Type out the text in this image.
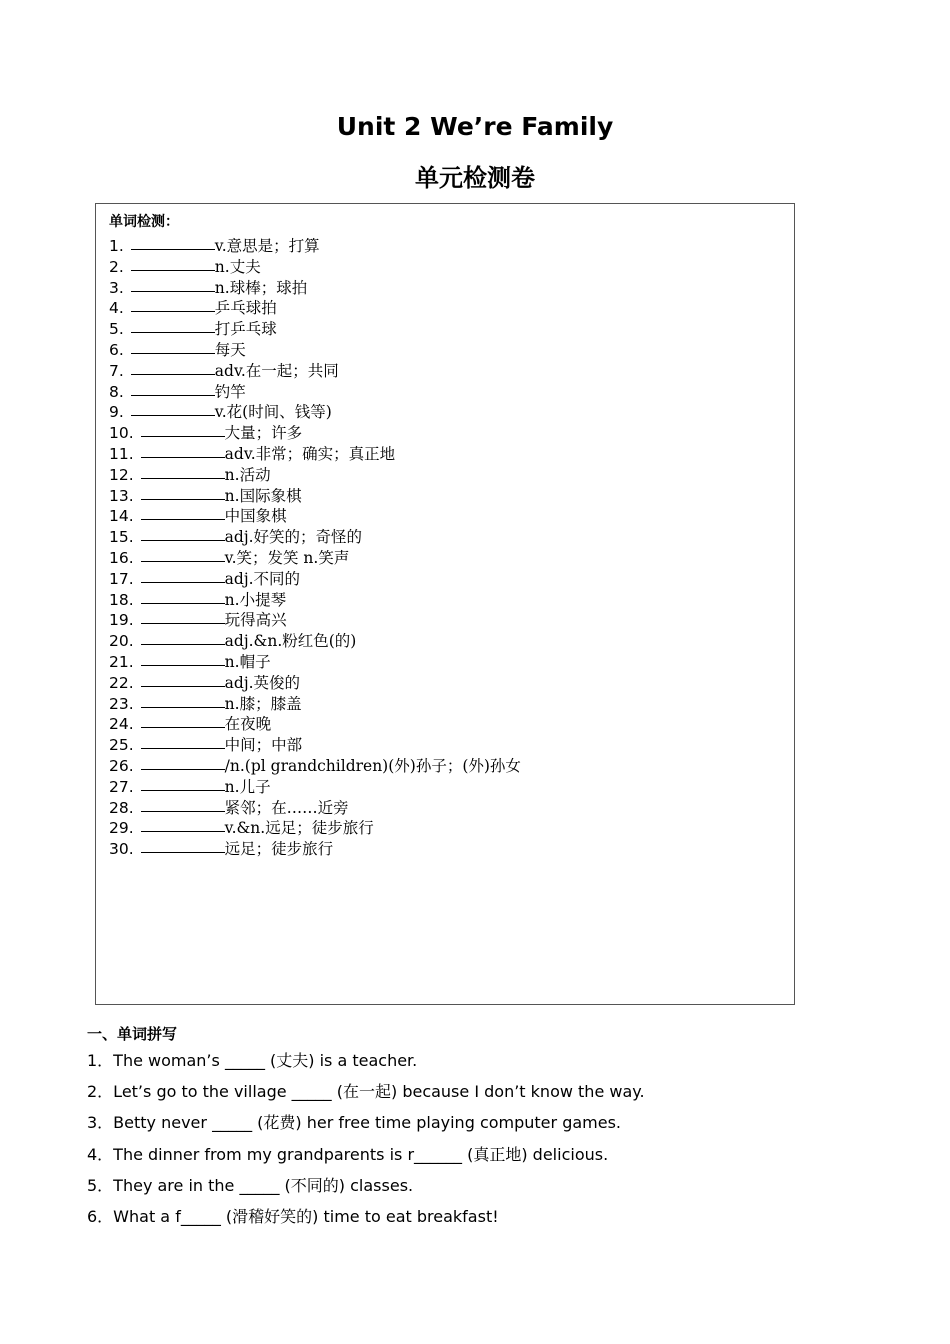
Unit 2 We’re Family
单元检测卷
单词检测：
1.	v.意思是；打算
2.	n.丈夫
3.	n.球棒；球拍
4.	乒乓球拍
5.	打乒乓球
6.	每天
7.	adv.在一起；共同
8.	钓竿
9.	v.花(时间、钱等)
10.	大量；许多
11.	adv.非常；确实；真正地
12.	n.活动
13.	n.国际象棋
14.	中国象棋
15.	adj.好笑的；奇怪的
16.	v.笑；发笑 n.笑声
17.	adj.不同的
18.	n.小提琴
19.	玩得高兴
20.	adj.&n.粉红色(的)
21.	n.帽子
22.	adj.英俊的
23.	n.膝；膝盖
24.	在夜晚
25.	中间；中部
26.	/n.(pl grandchildren)(外)孙子；(外)孙女
27.	n.儿子
28.	紧邻；在……近旁
29.	v.&n.远足；徒步旅行
30.	远足；徒步旅行
一、单词拼写
1．The woman’s _____ (丈夫) is a teacher.
2．Let’s go to the village _____ (在一起) because I don’t know the way.
3．Betty never _____ (花费) her free time playing computer games.
4．The dinner from my grandparents is r______ (真正地) delicious.
5．They are in the _____ (不同的) classes.
6．What a f_____ (滑稽好笑的) time to eat breakfast!
